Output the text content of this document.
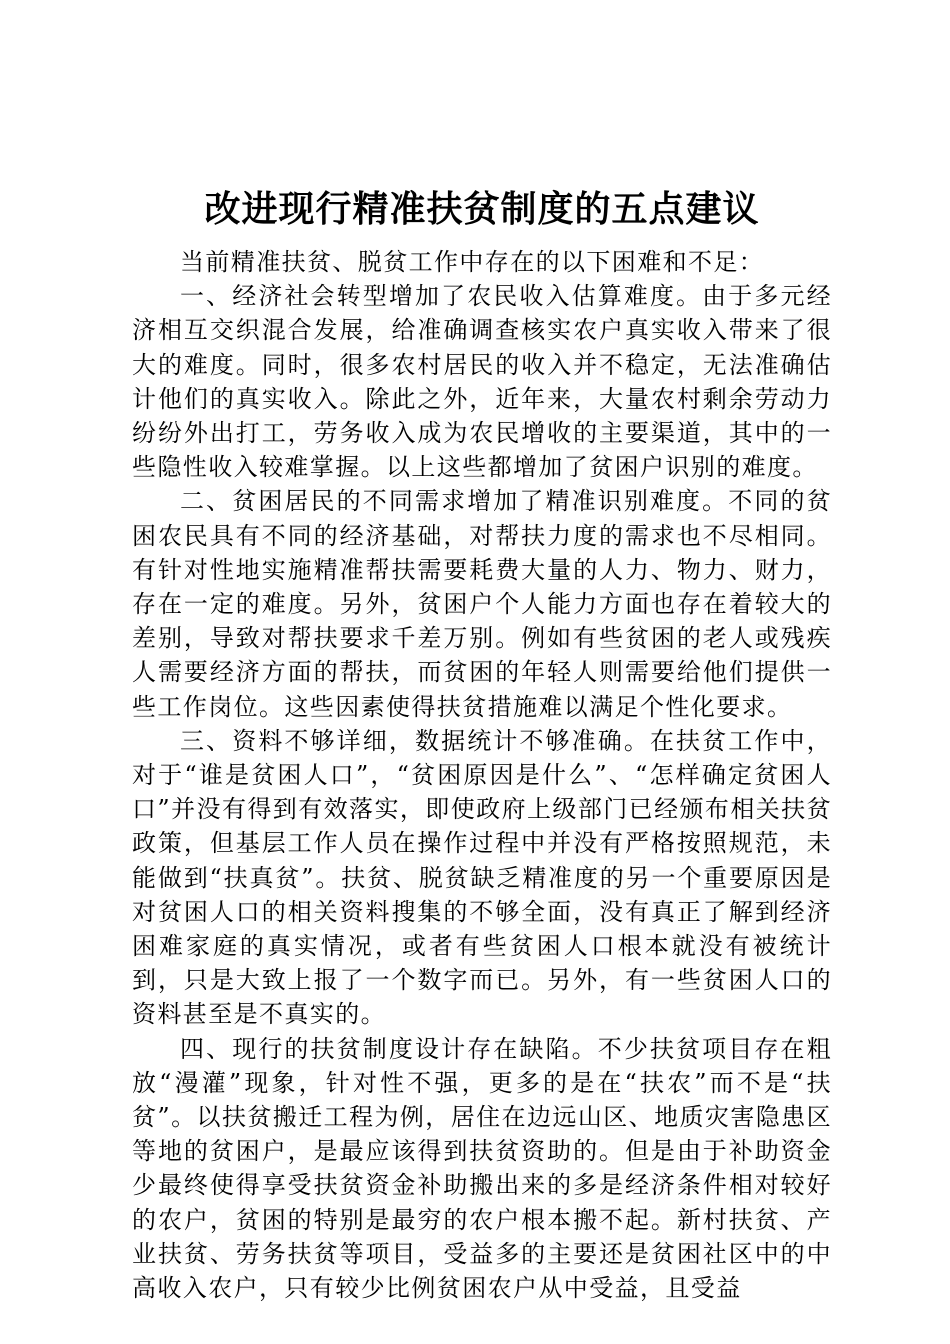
改进现行精准扶贫制度的五点建议

当前精准扶贫、脱贫工作中存在的以下困难和不足：

一、经济社会转型增加了农民收入估算难度。由于多元经济相互交织混合发展，给准确调查核实农户真实收入带来了很大的难度。同时，很多农村居民的收入并不稳定，无法准确估计他们的真实收入。除此之外，近年来，大量农村剩余劳动力纷纷外出打工，劳务收入成为农民增收的主要渠道，其中的一些隐性收入较难掌握。以上这些都增加了贫困户识别的难度。

二、贫困居民的不同需求增加了精准识别难度。不同的贫困农民具有不同的经济基础，对帮扶力度的需求也不尽相同。有针对性地实施精准帮扶需要耗费大量的人力、物力、财力，存在一定的难度。另外，贫困户个人能力方面也存在着较大的差别，导致对帮扶要求千差万别。例如有些贫困的老人或残疾人需要经济方面的帮扶，而贫困的年轻人则需要给他们提供一些工作岗位。这些因素使得扶贫措施难以满足个性化要求。

三、资料不够详细，数据统计不够准确。在扶贫工作中，对于“谁是贫困人口”，“贫困原因是什么”、“怎样确定贫困人口”并没有得到有效落实，即使政府上级部门已经颁布相关扶贫政策，但基层工作人员在操作过程中并没有严格按照规范，未能做到“扶真贫”。扶贫、脱贫缺乏精准度的另一个重要原因是对贫困人口的相关资料搜集的不够全面，没有真正了解到经济困难家庭的真实情况，或者有些贫困人口根本就没有被统计到，只是大致上报了一个数字而已。另外，有一些贫困人口的资料甚至是不真实的。

四、现行的扶贫制度设计存在缺陷。不少扶贫项目存在粗放“漫灌”现象，针对性不强，更多的是在“扶农”而不是“扶贫”。以扶贫搬迁工程为例，居住在边远山区、地质灾害隐患区等地的贫困户，是最应该得到扶贫资助的。但是由于补助资金少最终使得享受扶贫资金补助搬出来的多是经济条件相对较好的农户，贫困的特别是最穷的农户根本搬不起。新村扶贫、产业扶贫、劳务扶贫等项目，受益多的主要还是贫困社区中的中高收入农户，只有较少比例贫困农户从中受益，且受益
